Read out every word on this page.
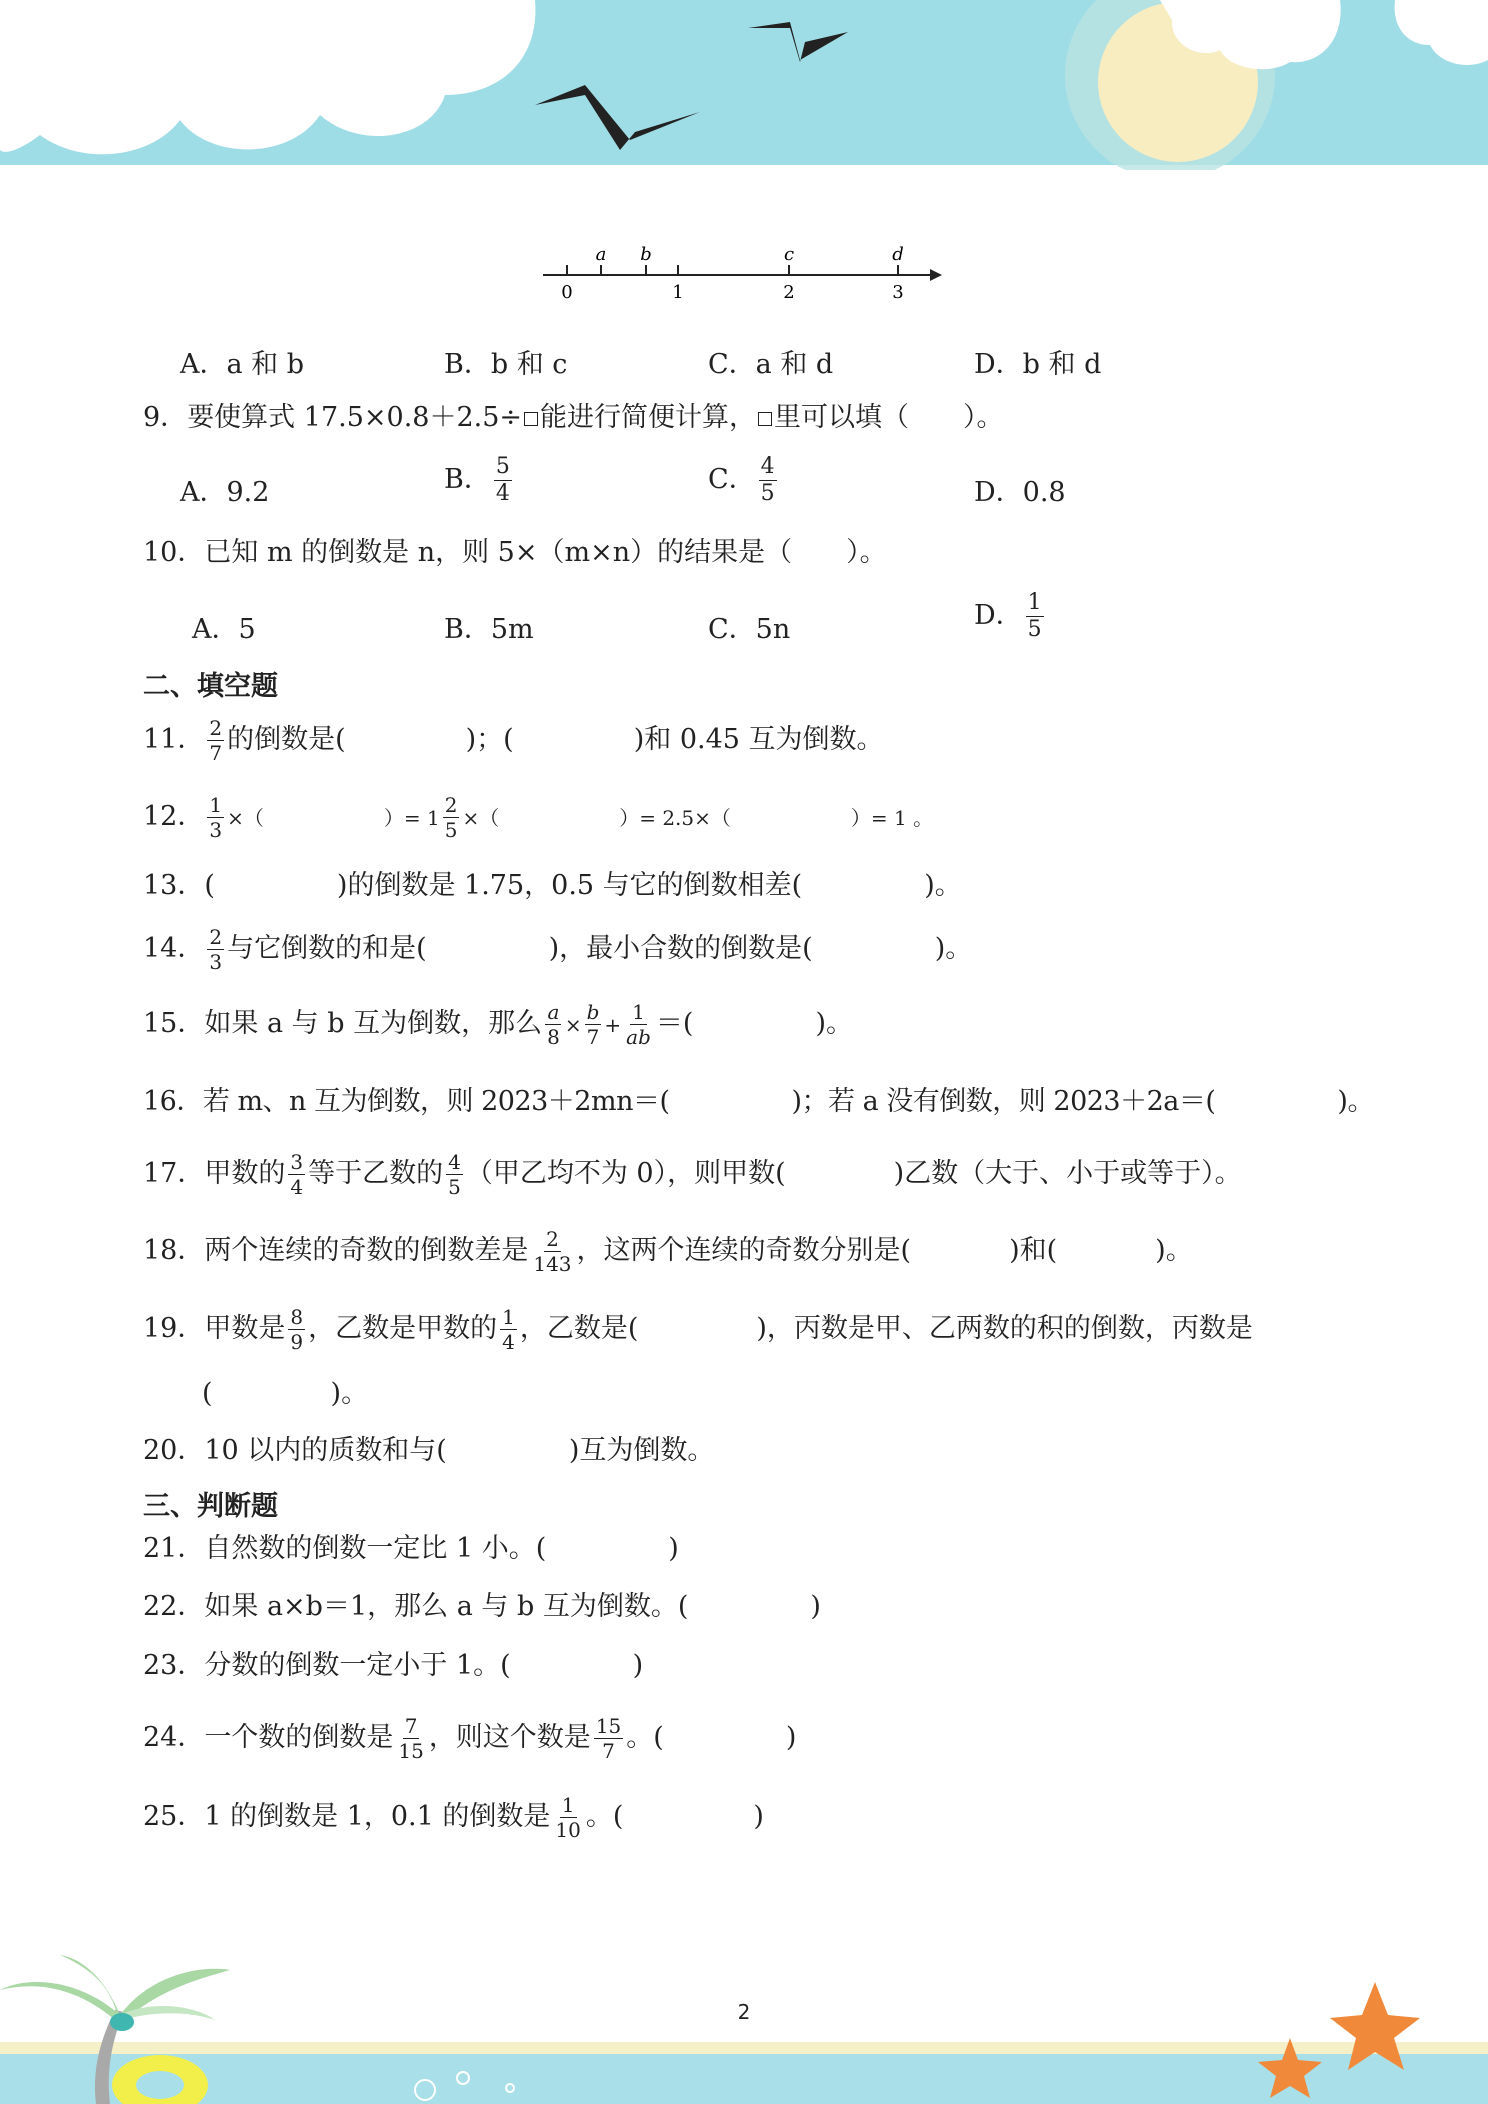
a b	c	d
0	1	2	3
A．a 和 b	B．b 和 c	C．a 和 d	D．b 和 d
9．要使算式 17.5×0.8＋2.5÷ 能进行简便计算， 里可以填（　　）。
A．9.2	B． $\frac{5}{4}$	C． $\frac{4}{5}$	D．0.8
10．已知 m 的倒数是 n，则 5×（m×n）的结果是（　　）。
A．5	B．5m	C．5n	D． $\frac{1}{5}$
二、填空题
11． $\frac{2}{7}$ 的倒数是(	)；(	)和 0.45 互为倒数。
12． $\frac{1}{3}$ ×（	）= $1 \frac{2}{5}$ ×（	）= 2.5×（	）= 1 。
13．(	)的倒数是 1.75，0.5 与它的倒数相差(	)。
14． $\frac{2}{3}$ 与它倒数的和是(	)，最小合数的倒数是(	)。
15．如果 a 与 b 互为倒数，那么 $\frac{a}{8} \times \frac{b}{7} + \frac{1}{ab}$ ＝(	)。
16．若 m、n 互为倒数，则 2023＋2mn＝(	)；若 a 没有倒数，则 2023＋2a＝(	)。
17．甲数的 $\frac{3}{4}$ 等于乙数的 $\frac{4}{5}$ （甲乙均不为 0），则甲数(	)乙数（大于、小于或等于）。
18．两个连续的奇数的倒数差是 $\frac{2}{143}$ ，这两个连续的奇数分别是(	)和(	)。
19．甲数是 $\frac{8}{9}$ ，乙数是甲数的 $\frac{1}{4}$ ，乙数是(	)，丙数是甲、乙两数的积的倒数，丙数是
(	)。
20．10 以内的质数和与(	)互为倒数。
三、判断题
21．自然数的倒数一定比 1 小。(	)
22．如果 a×b＝1，那么 a 与 b 互为倒数。(	)
23．分数的倒数一定小于 1。(	)
24．一个数的倒数是 $\frac{7}{15}$ ，则这个数是 $\frac{15}{7}$ 。(	)
25．1 的倒数是 1，0.1 的倒数是 $\frac{1}{10}$ 。(	)
2
